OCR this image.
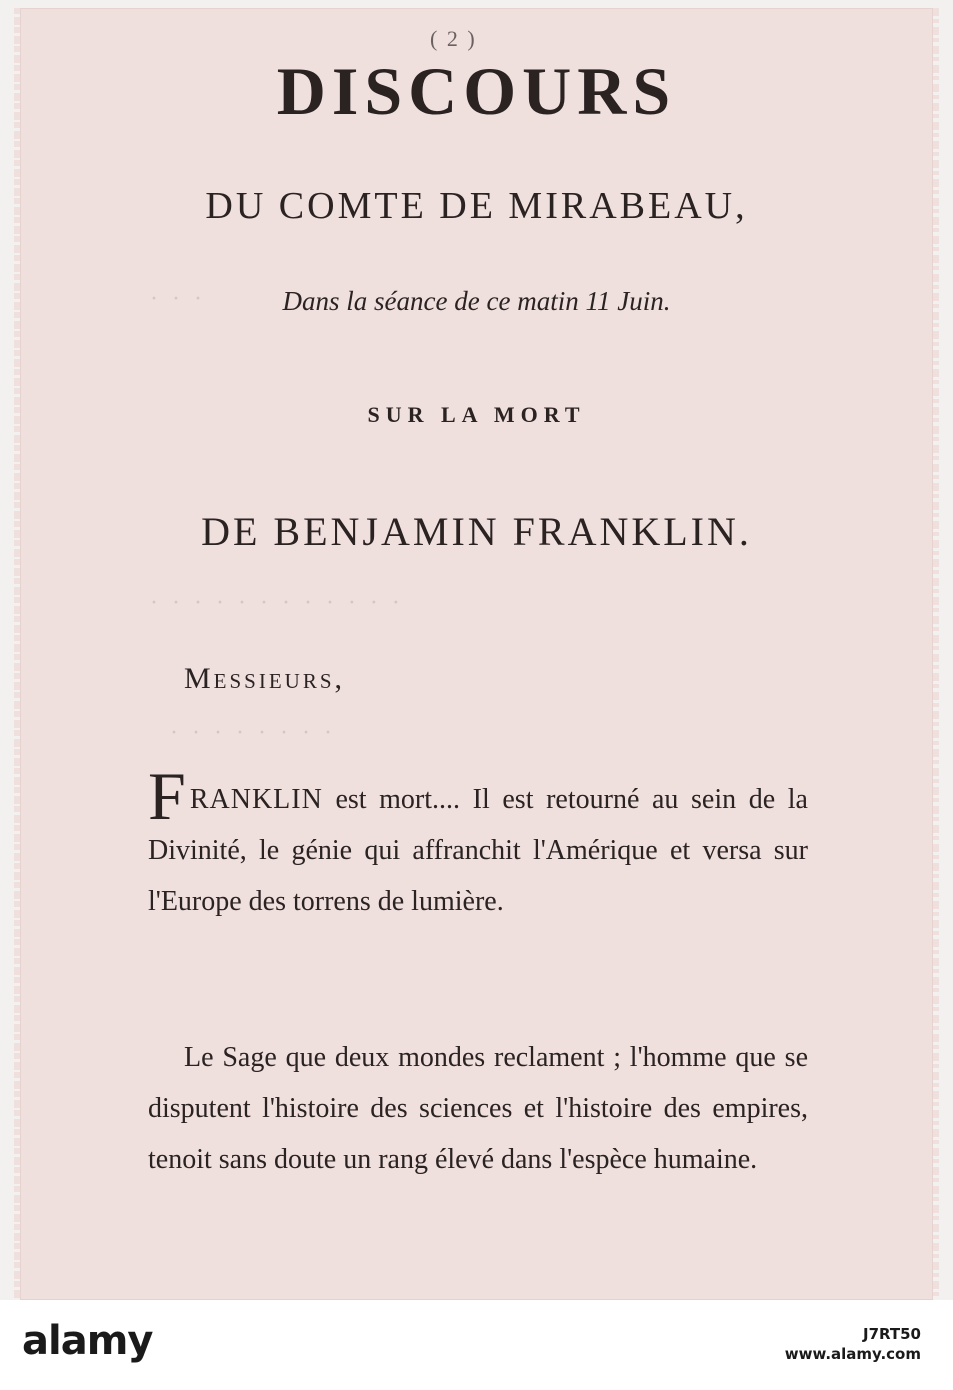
· · · · · · · · · · · ·
· · · · · · · ·
· · ·
( 2 )
DISCOURS
DU COMTE DE MIRABEAU,
Dans la séance de ce matin 11 Juin.
SUR LA MORT
DE BENJAMIN FRANKLIN.
Messieurs,
FRANKLIN est mort.... Il est retourné au sein de la Divinité, le génie qui affranchit l'Amérique et versa sur l'Europe des torrens de lumière.
Le Sage que deux mondes reclament ; l'homme que se disputent l'histoire des sciences et l'histoire des empires, tenoit sans doute un rang élevé dans l'espèce humaine.
alamy	J7RT50
www.alamy.com
